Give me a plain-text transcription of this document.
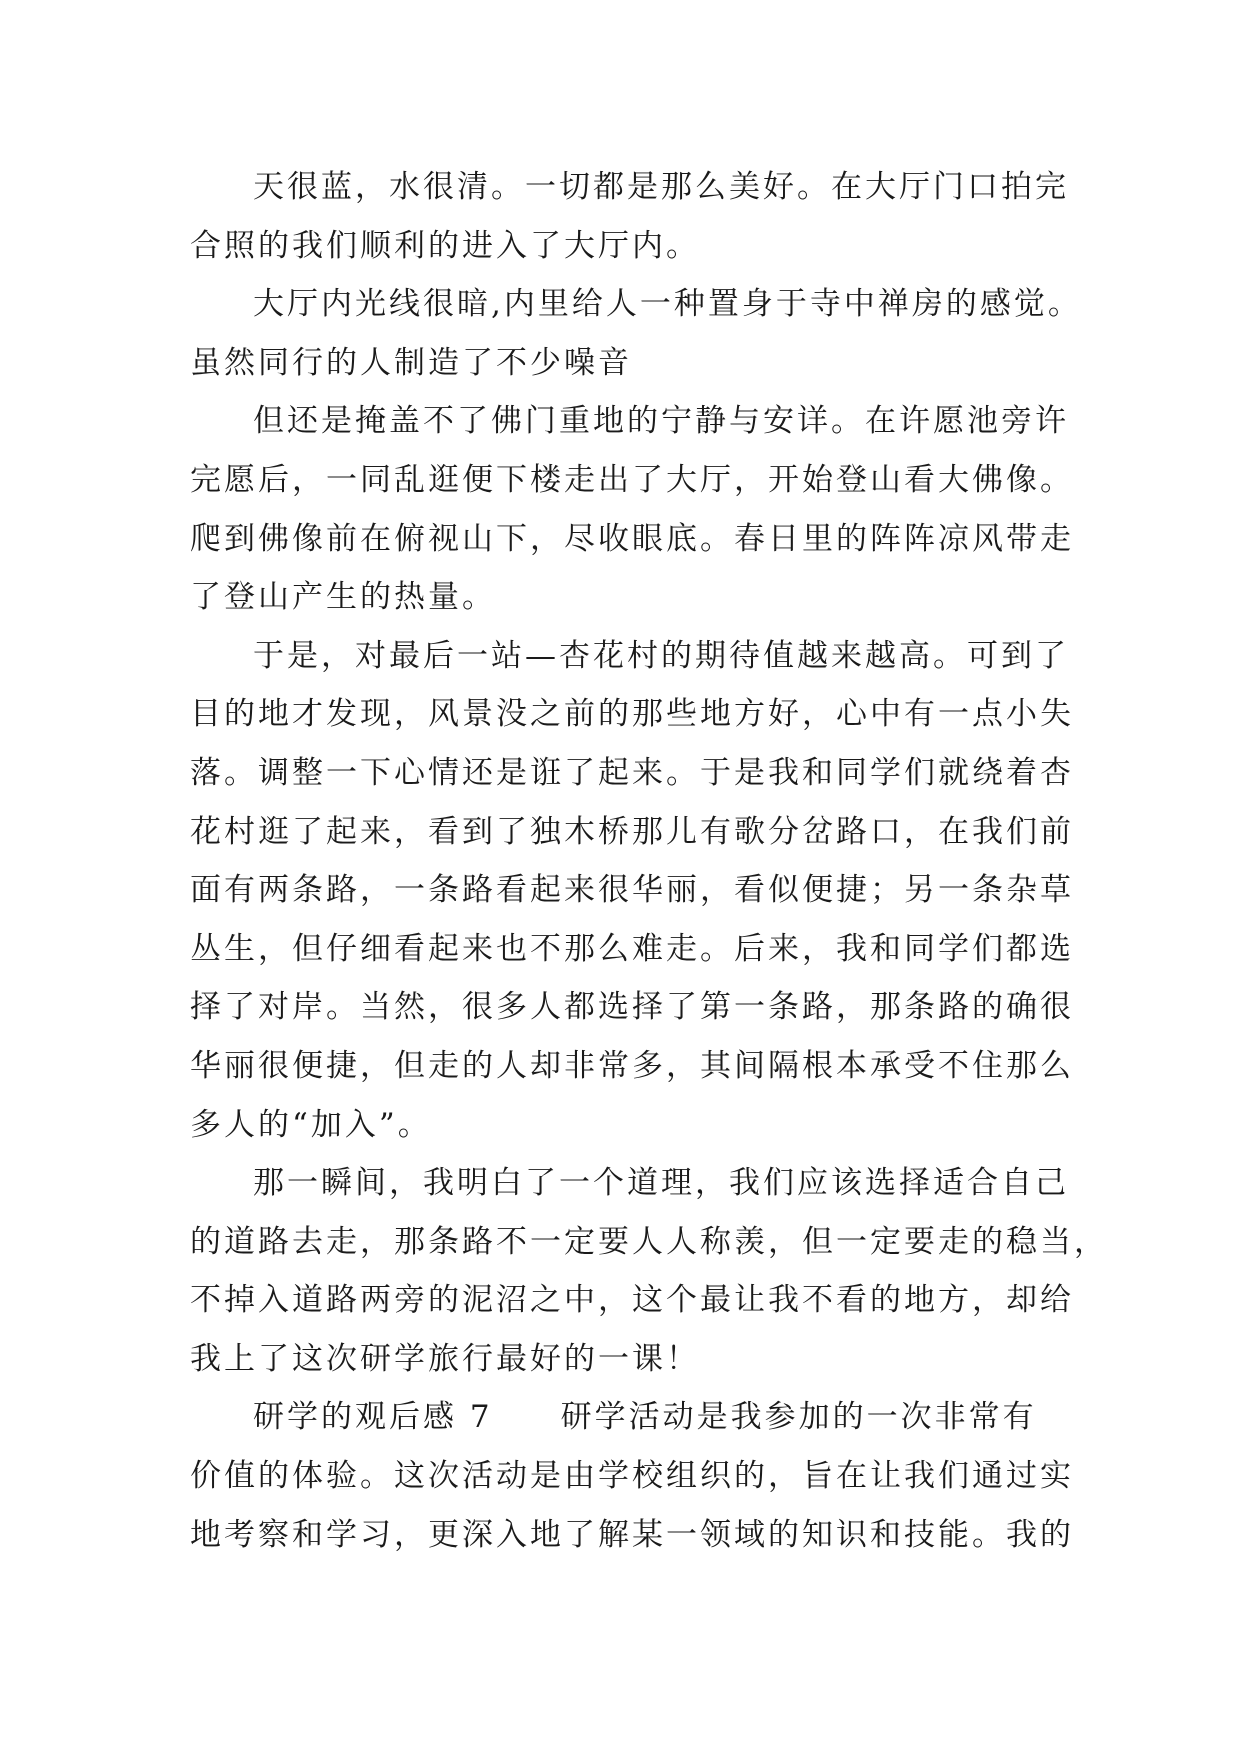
天很蓝，水很清。一切都是那么美好。在大厅门口拍完
合照的我们顺利的进入了大厅内。
大厅内光线很暗,内里给人一种置身于寺中禅房的感觉。
虽然同行的人制造了不少噪音
但还是掩盖不了佛门重地的宁静与安详。在许愿池旁许
完愿后，一同乱逛便下楼走出了大厅，开始登山看大佛像。
爬到佛像前在俯视山下，尽收眼底。春日里的阵阵凉风带走
了登山产生的热量。
于是，对最后一站—杏花村的期待值越来越高。可到了
目的地才发现，风景没之前的那些地方好，心中有一点小失
落。调整一下心情还是诳了起来。于是我和同学们就绕着杏
花村逛了起来，看到了独木桥那儿有歌分岔路口，在我们前
面有两条路，一条路看起来很华丽，看似便捷；另一条杂草
丛生，但仔细看起来也不那么难走。后来，我和同学们都选
择了对岸。当然，很多人都选择了第一条路，那条路的确很
华丽很便捷，但走的人却非常多，其间隔根本承受不住那么
多人的“加入”。
那一瞬间，我明白了一个道理，我们应该选择适合自己
的道路去走，那条路不一定要人人称羡，但一定要走的稳当，
不掉入道路两旁的泥沼之中，这个最让我不看的地方，却给
我上了这次研学旅行最好的一课！
研学的观后感 7　　研学活动是我参加的一次非常有
价值的体验。这次活动是由学校组织的，旨在让我们通过实
地考察和学习，更深入地了解某一领域的知识和技能。我的
